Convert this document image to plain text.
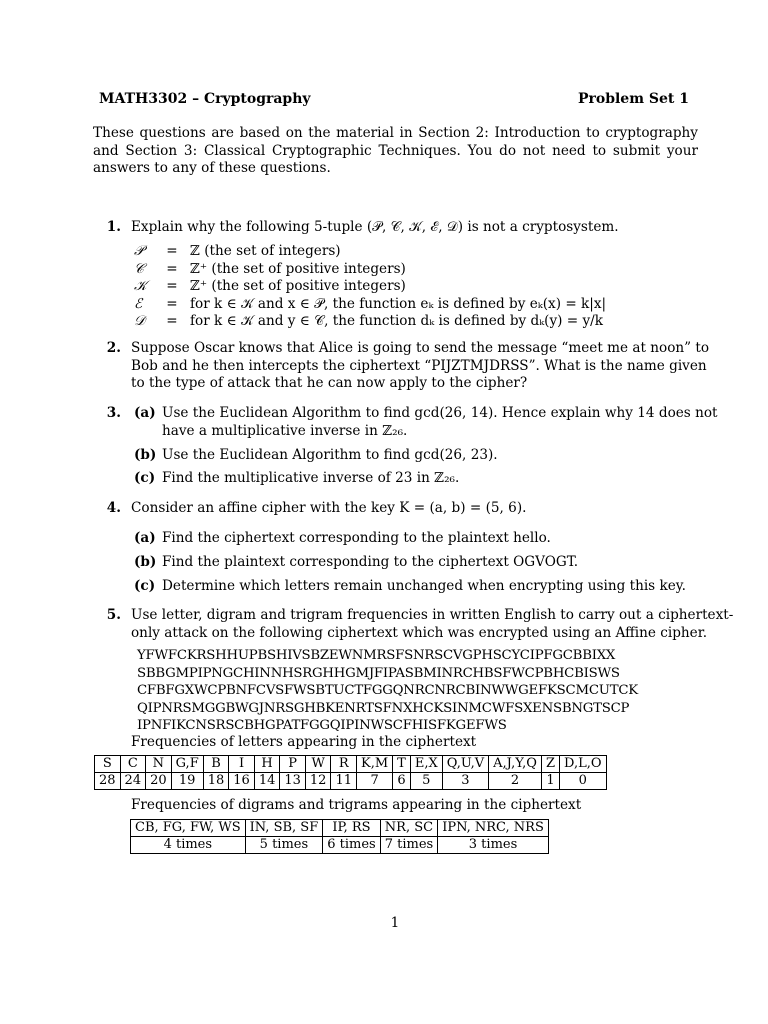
MATH3302 – Cryptography	Problem Set 1
These questions are based on the material in Section 2: Introduction to cryptography and Section 3: Classical Cryptographic Techniques. You do not need to submit your answers to any of these questions.
1. Explain why the following 5-tuple (𝒫, 𝒞, 𝒦, ℰ, 𝒟) is not a cryptosystem.
𝒫 = ℤ (the set of integers)
𝒞 = ℤ⁺ (the set of positive integers)
𝒦 = ℤ⁺ (the set of positive integers)
ℰ = for k ∈ 𝒦 and x ∈ 𝒫, the function eₖ is defined by eₖ(x) = k|x|
𝒟 = for k ∈ 𝒦 and y ∈ 𝒞, the function dₖ is defined by dₖ(y) = y/k
2. Suppose Oscar knows that Alice is going to send the message “meet me at noon” to
Bob and he then intercepts the ciphertext “PIJZTMJDRSS”. What is the name given
to the type of attack that he can now apply to the cipher?
3. (a) Use the Euclidean Algorithm to find gcd(26, 14). Hence explain why 14 does not
have a multiplicative inverse in ℤ₂₆.
(b) Use the Euclidean Algorithm to find gcd(26, 23).
(c) Find the multiplicative inverse of 23 in ℤ₂₆.
4. Consider an affine cipher with the key K = (a, b) = (5, 6).
(a) Find the ciphertext corresponding to the plaintext hello.
(b) Find the plaintext corresponding to the ciphertext OGVOGT.
(c) Determine which letters remain unchanged when encrypting using this key.
5. Use letter, digram and trigram frequencies in written English to carry out a ciphertext-
only attack on the following ciphertext which was encrypted using an Affine cipher.
YFWFCKRSHHUPBSHIVSBZEWNMRSFSNRSCVGPHSCYCIPFGCBBIXX
SBBGMPIPNGCHINNHSRGHHGMJFIPASBMINRCHBSFWCPBHCBISWS
CFBFGXWCPBNFCVSFWSBTUCTFGGQNRCNRCBINWWGEFKSCMCUTCK
QIPNRSMGGBWGJNRSGHBKENRTSFNXHCKSINMCWFSXENSBNGTSCP
IPNFIKCNSRSCBHGPATFGGQIPINWSCFHISFKGEFWS
Frequencies of letters appearing in the ciphertext
S	C	N	G,F	B	I	H	P	W	R	K,M	T	E,X	Q,U,V	A,J,Y,Q	Z	D,L,O
28	24	20	19	18	16	14	13	12	11	7	6	5	3	2	1	0
Frequencies of digrams and trigrams appearing in the ciphertext
CB, FG, FW, WS	IN, SB, SF	IP, RS	NR, SC	IPN, NRC, NRS
4 times	5 times	6 times	7 times	3 times
1
